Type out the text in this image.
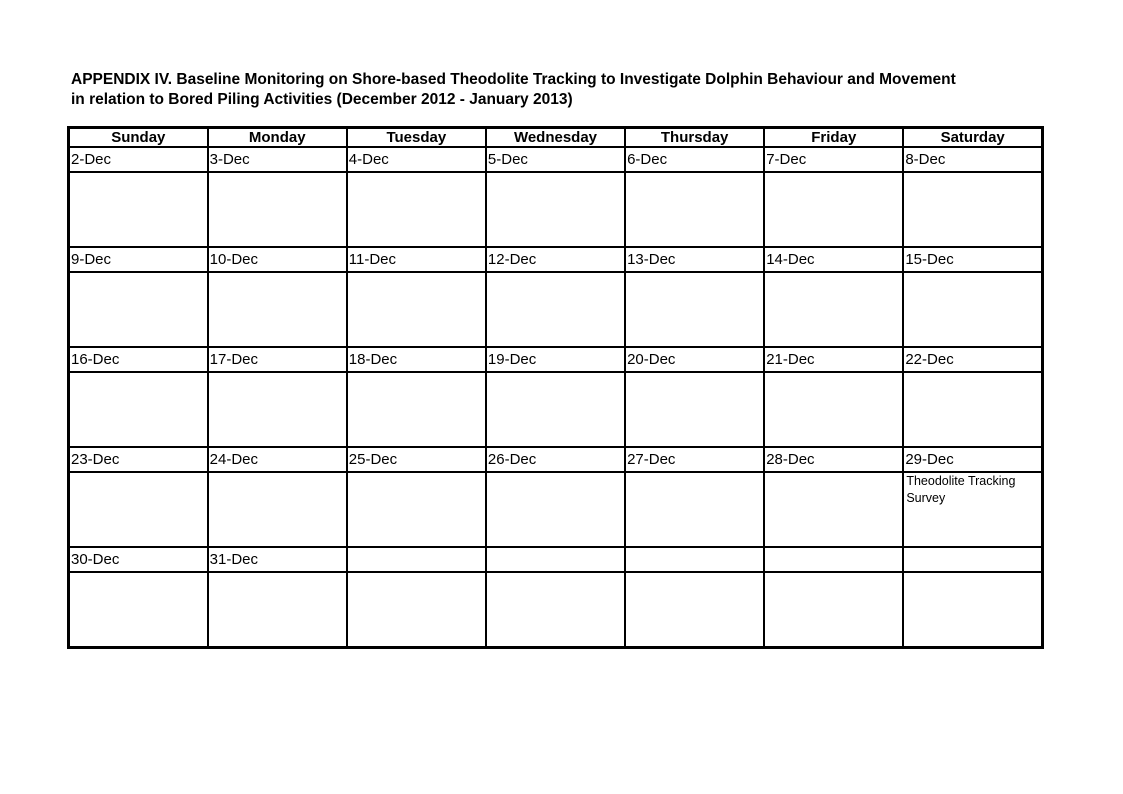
APPENDIX IV. Baseline Monitoring on Shore-based Theodolite Tracking to Investigate Dolphin Behaviour and Movement
in relation to Bored Piling Activities (December 2012 - January 2013)
Sunday	Monday	Tuesday	Wednesday	Thursday	Friday	Saturday
2-Dec	3-Dec	4-Dec	5-Dec	6-Dec	7-Dec	8-Dec

9-Dec	10-Dec	11-Dec	12-Dec	13-Dec	14-Dec	15-Dec

16-Dec	17-Dec	18-Dec	19-Dec	20-Dec	21-Dec	22-Dec

23-Dec	24-Dec	25-Dec	26-Dec	27-Dec	28-Dec	29-Dec

						Theodolite Tracking Survey

30-Dec	31-Dec					
